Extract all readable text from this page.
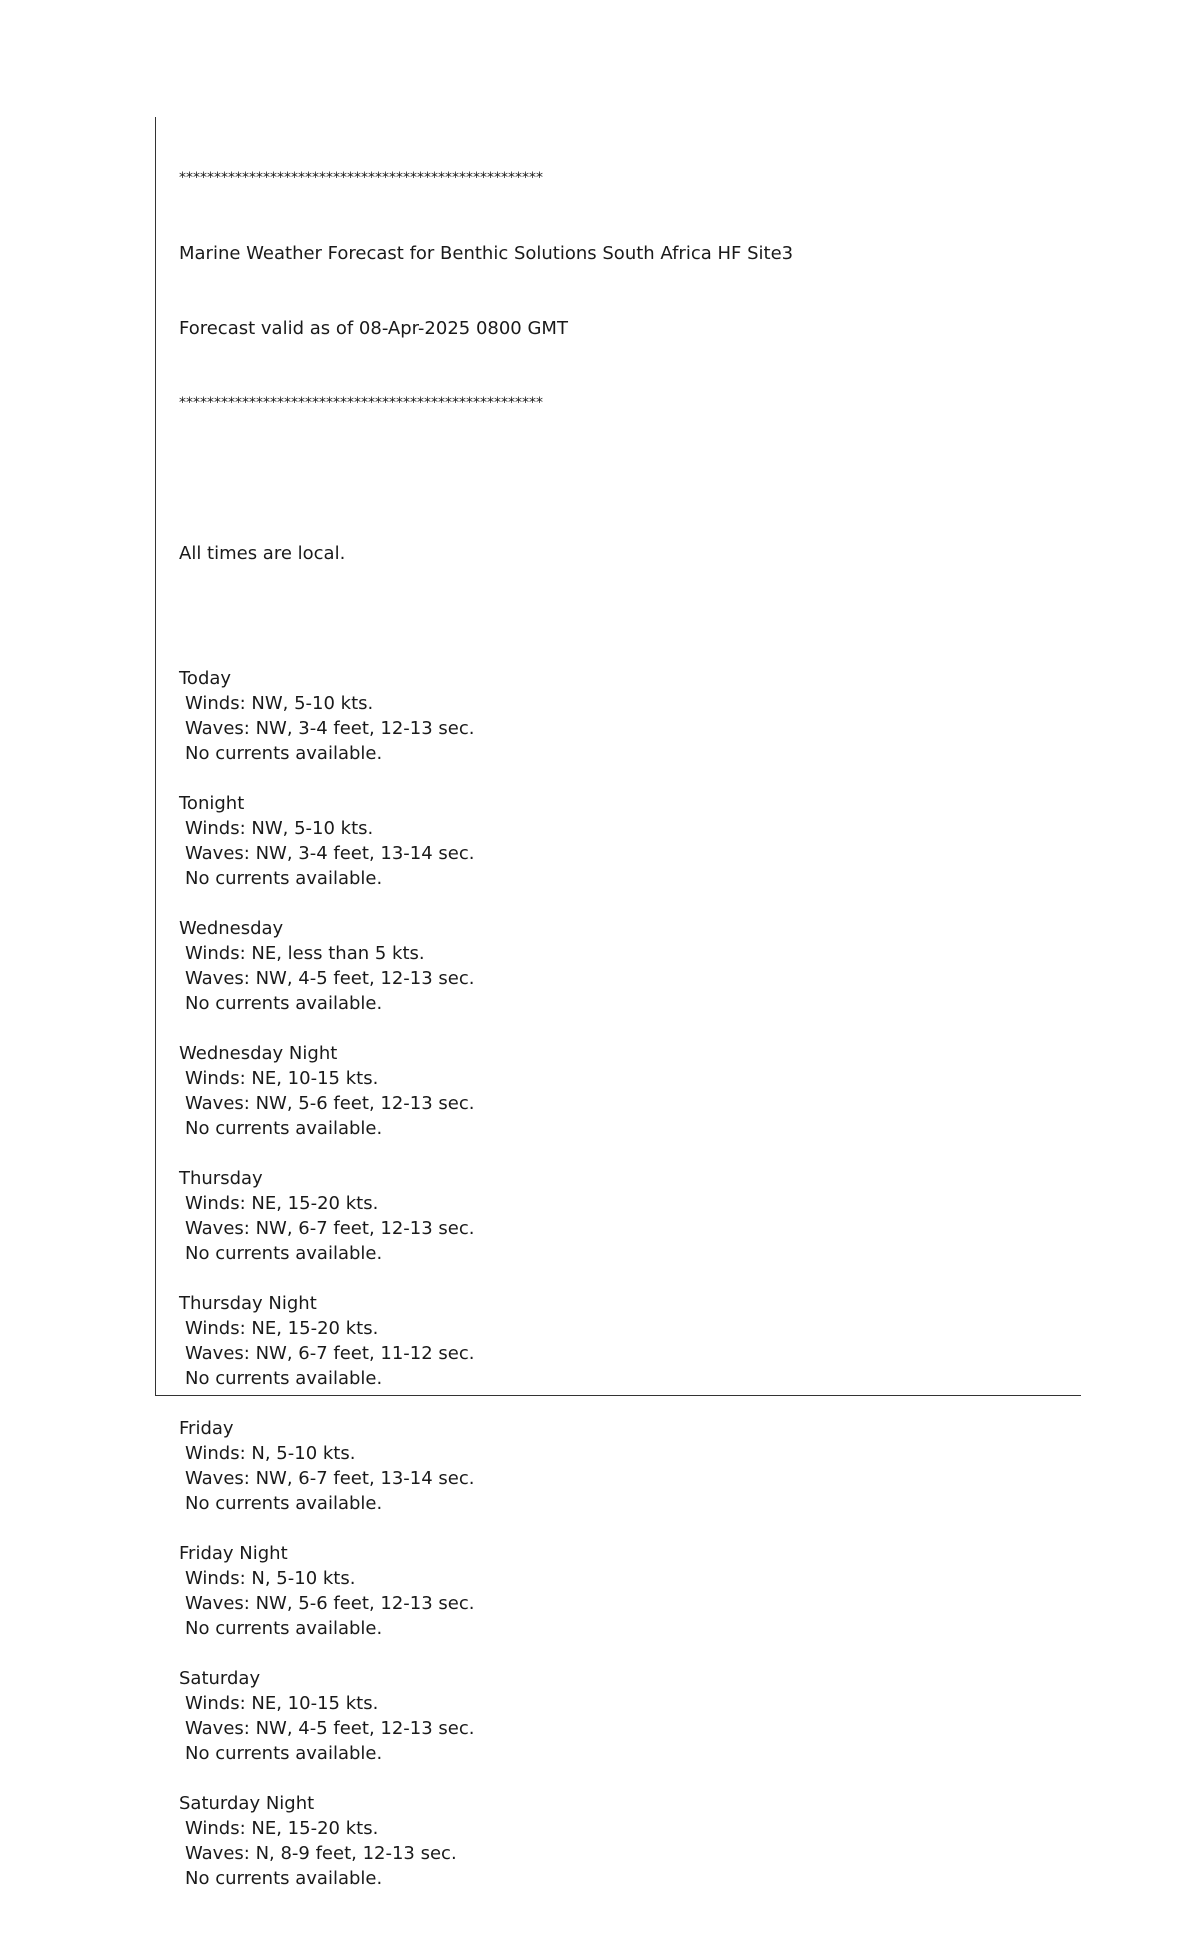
****************************************************

Marine Weather Forecast for Benthic Solutions South Africa HF Site3

Forecast valid as of 08-Apr-2025 0800 GMT

****************************************************

All times are local.

Today
Winds: NW, 5-10 kts.
Waves: NW, 3-4 feet, 12-13 sec.
No currents available.
Tonight
Winds: NW, 5-10 kts.
Waves: NW, 3-4 feet, 13-14 sec.
No currents available.
Wednesday
Winds: NE, less than 5 kts.
Waves: NW, 4-5 feet, 12-13 sec.
No currents available.
Wednesday Night
Winds: NE, 10-15 kts.
Waves: NW, 5-6 feet, 12-13 sec.
No currents available.
Thursday
Winds: NE, 15-20 kts.
Waves: NW, 6-7 feet, 12-13 sec.
No currents available.
Thursday Night
Winds: NE, 15-20 kts.
Waves: NW, 6-7 feet, 11-12 sec.
No currents available.
Friday
Winds: N, 5-10 kts.
Waves: NW, 6-7 feet, 13-14 sec.
No currents available.
Friday Night
Winds: N, 5-10 kts.
Waves: NW, 5-6 feet, 12-13 sec.
No currents available.
Saturday
Winds: NE, 10-15 kts.
Waves: NW, 4-5 feet, 12-13 sec.
No currents available.
Saturday Night
Winds: NE, 15-20 kts.
Waves: N, 8-9 feet, 12-13 sec.
No currents available.
